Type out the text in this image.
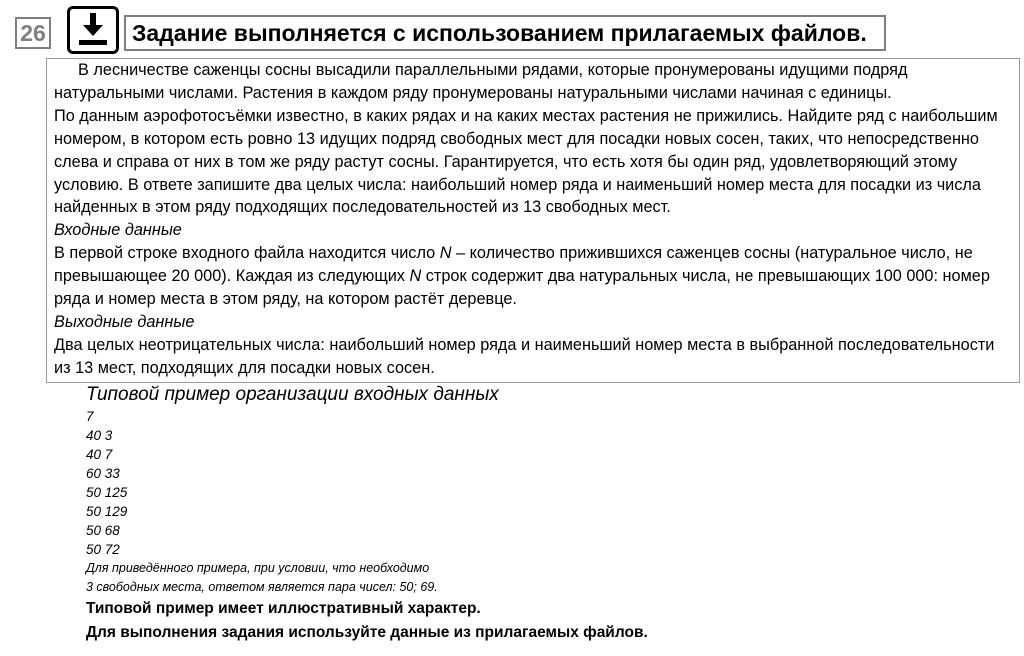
26	Задание выполняется с использованием прилагаемых файлов.

В лесничестве саженцы сосны высадили параллельными рядами, которые пронумерованы идущими подряд натуральными числами. Растения в каждом ряду пронумерованы натуральными числами начиная с единицы.

По данным аэрофотосъёмки известно, в каких рядах и на каких местах растения не прижились. Найдите ряд с наибольшим номером, в котором есть ровно 13 идущих подряд свободных мест для посадки новых сосен, таких, что непосредственно слева и справа от них в том же ряду растут сосны. Гарантируется, что есть хотя бы один ряд, удовлетворяющий этому условию. В ответе запишите два целых числа: наибольший номер ряда и наименьший номер места для посадки из числа найденных в этом ряду подходящих последовательностей из 13 свободных мест.

Входные данные

В первой строке входного файла находится число N – количество прижившихся саженцев сосны (натуральное число, не превышающее 20 000). Каждая из следующих N строк содержит два натуральных числа, не превышающих 100 000: номер ряда и номер места в этом ряду, на котором растёт деревце.

Выходные данные

Два целых неотрицательных числа: наибольший номер ряда и наименьший номер места в выбранной последовательности из 13 мест, подходящих для посадки новых сосен.

Типовой пример организации входных данных

7

40 3

40 7

60 33

50 125

50 129

50 68

50 72

Для приведённого примера, при условии, что необходимо

3 свободных места, ответом является пара чисел: 50; 69.

Типовой пример имеет иллюстративный характер.
Для выполнения задания используйте данные из прилагаемых файлов.
